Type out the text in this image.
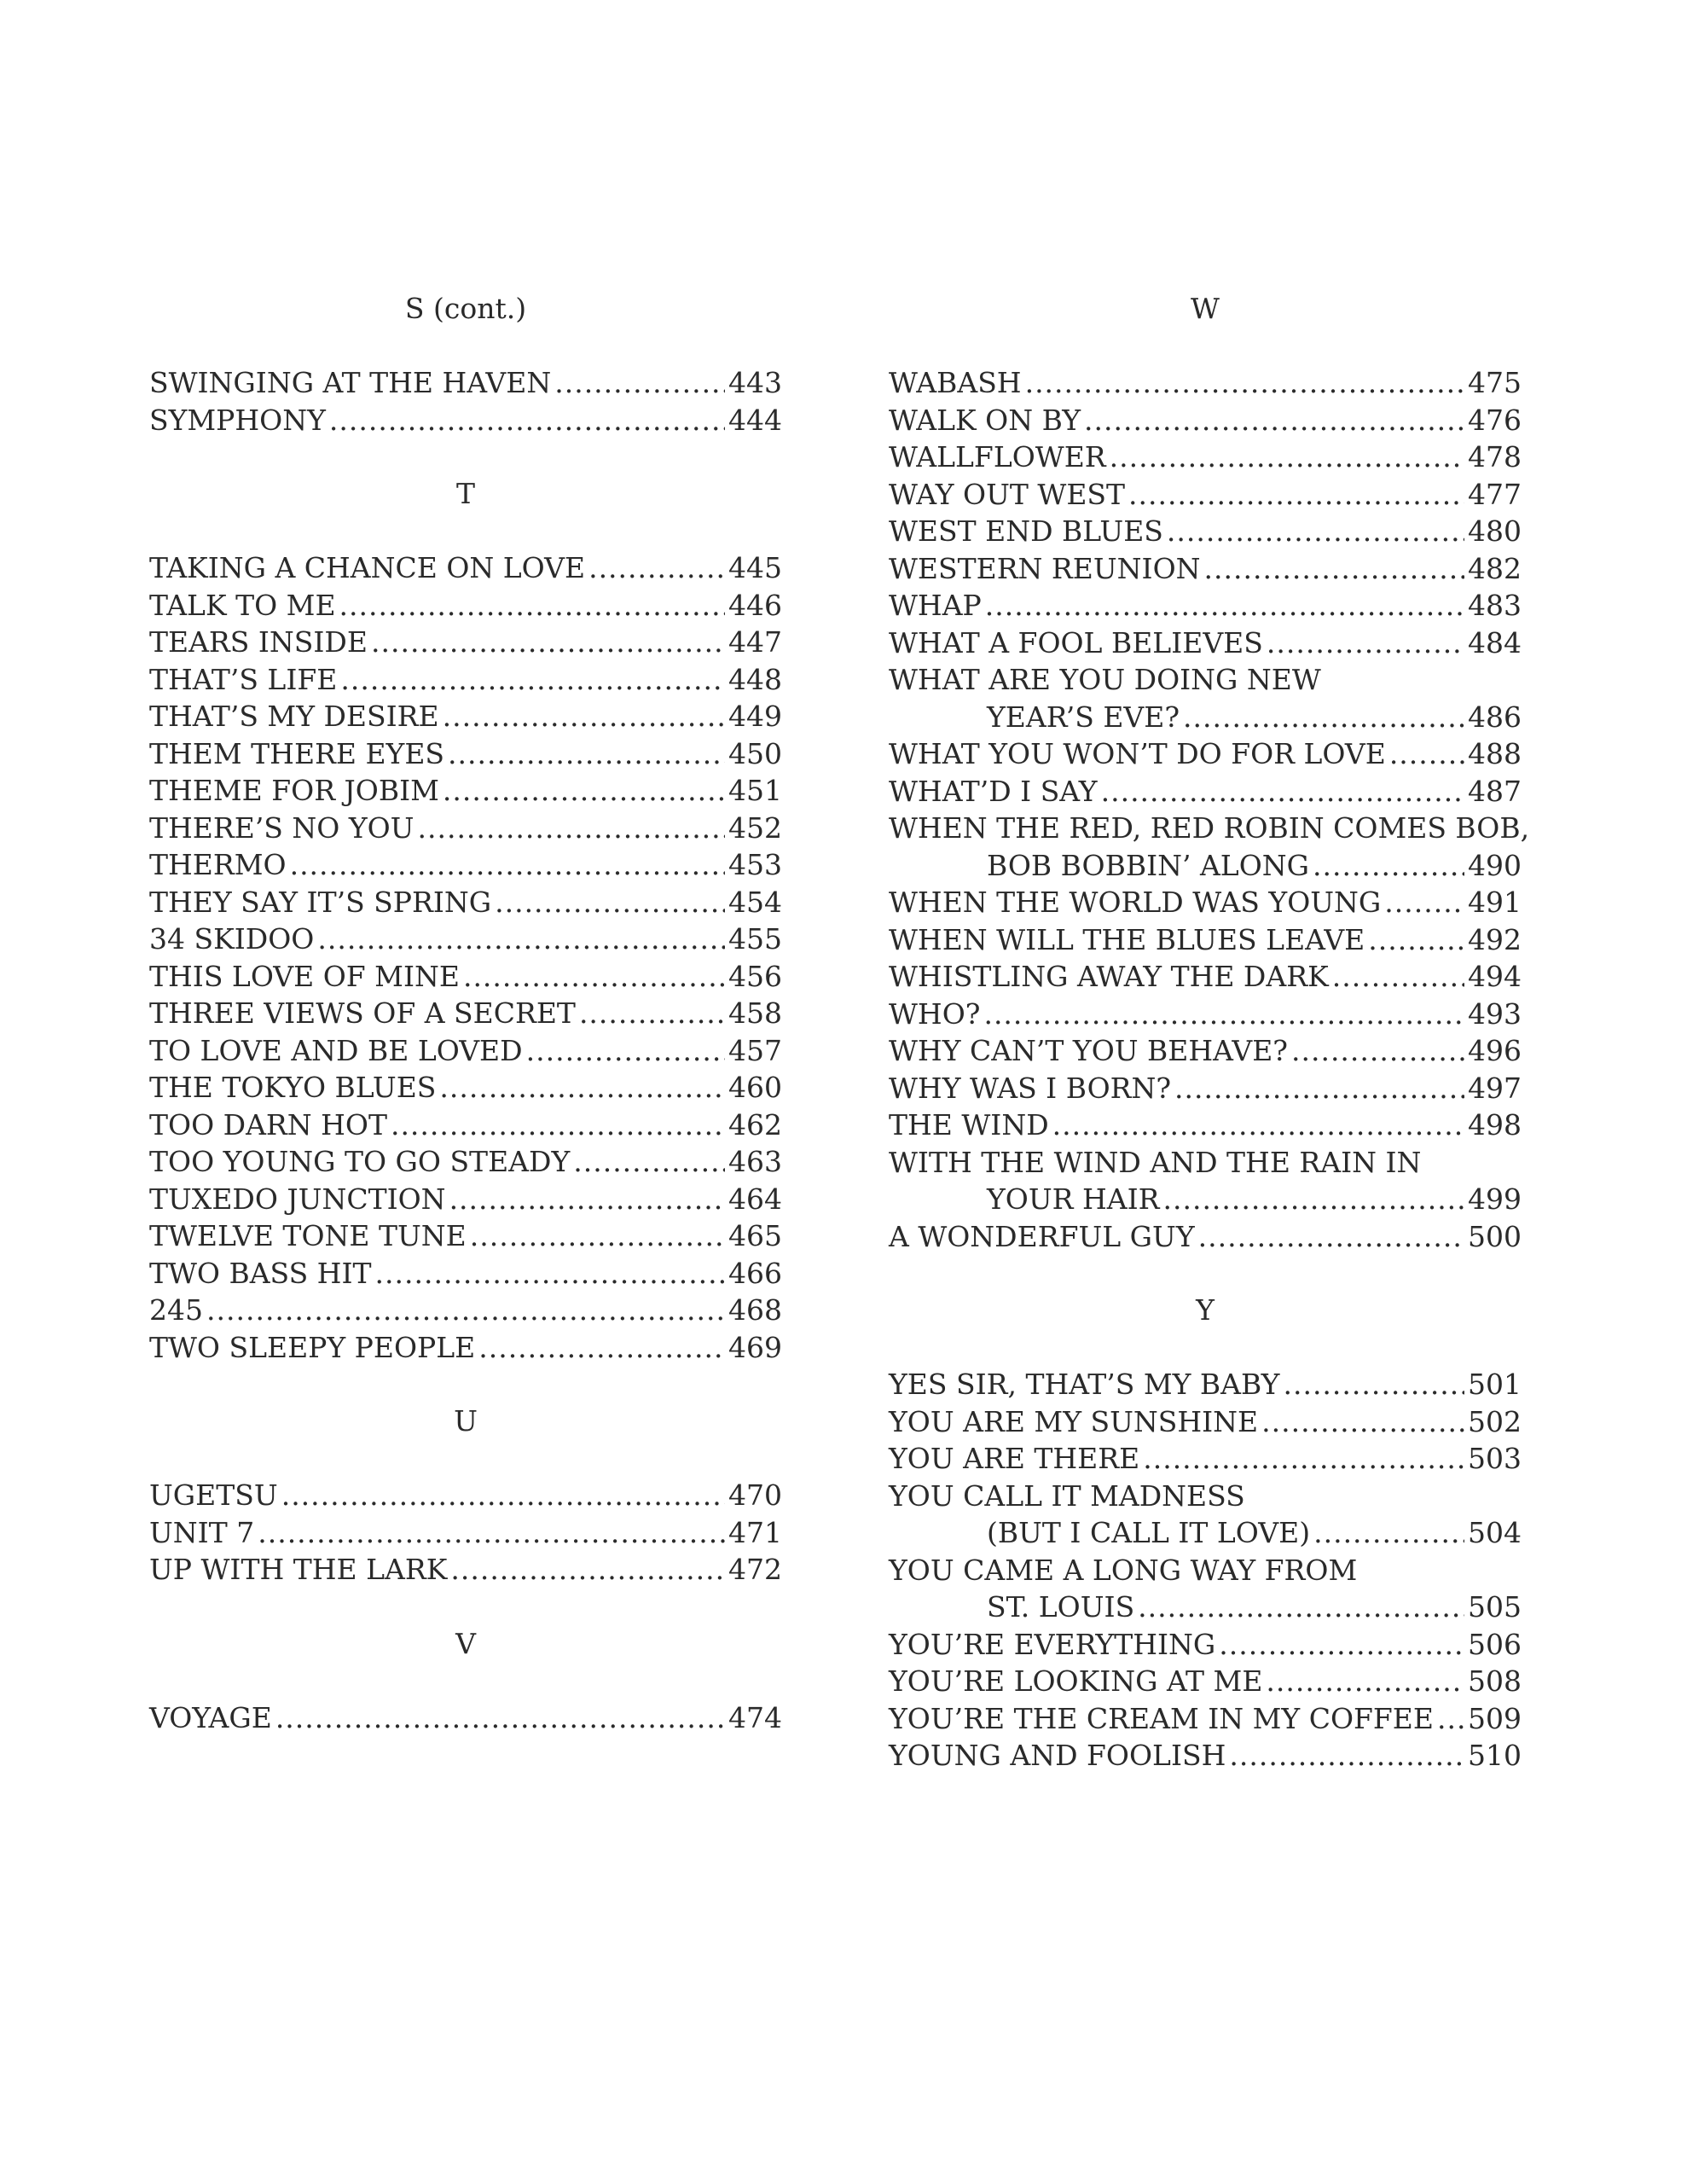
S (cont.)
SWINGING AT THE HAVEN .....	443
SYMPHONY .....	444
T
TAKING A CHANCE ON LOVE .....	445
TALK TO ME .....	446
TEARS INSIDE .....	447
THAT’S LIFE .....	448
THAT’S MY DESIRE .....	449
THEM THERE EYES .....	450
THEME FOR JOBIM .....	451
THERE’S NO YOU .....	452
THERMO .....	453
THEY SAY IT’S SPRING .....	454
34 SKIDOO .....	455
THIS LOVE OF MINE .....	456
THREE VIEWS OF A SECRET .....	458
TO LOVE AND BE LOVED .....	457
THE TOKYO BLUES .....	460
TOO DARN HOT .....	462
TOO YOUNG TO GO STEADY .....	463
TUXEDO JUNCTION .....	464
TWELVE TONE TUNE .....	465
TWO BASS HIT .....	466
245 .....	468
TWO SLEEPY PEOPLE .....	469
U
UGETSU .....	470
UNIT 7 .....	471
UP WITH THE LARK .....	472
V
VOYAGE .....	474
W
WABASH .....	475
WALK ON BY .....	476
WALLFLOWER .....	478
WAY OUT WEST .....	477
WEST END BLUES .....	480
WESTERN REUNION .....	482
WHAP .....	483
WHAT A FOOL BELIEVES .....	484
WHAT ARE YOU DOING NEW
YEAR’S EVE? .....	486
WHAT YOU WON’T DO FOR LOVE .....	488
WHAT’D I SAY .....	487
WHEN THE RED, RED ROBIN COMES BOB,
BOB BOBBIN’ ALONG .....	490
WHEN THE WORLD WAS YOUNG .....	491
WHEN WILL THE BLUES LEAVE .....	492
WHISTLING AWAY THE DARK .....	494
WHO? .....	493
WHY CAN’T YOU BEHAVE? .....	496
WHY WAS I BORN? .....	497
THE WIND .....	498
WITH THE WIND AND THE RAIN IN
YOUR HAIR .....	499
A WONDERFUL GUY .....	500
Y
YES SIR, THAT’S MY BABY .....	501
YOU ARE MY SUNSHINE .....	502
YOU ARE THERE .....	503
YOU CALL IT MADNESS
(BUT I CALL IT LOVE) .....	504
YOU CAME A LONG WAY FROM
ST. LOUIS .....	505
YOU’RE EVERYTHING .....	506
YOU’RE LOOKING AT ME .....	508
YOU’RE THE CREAM IN MY COFFEE ..... 509
YOUNG AND FOOLISH .....	510
